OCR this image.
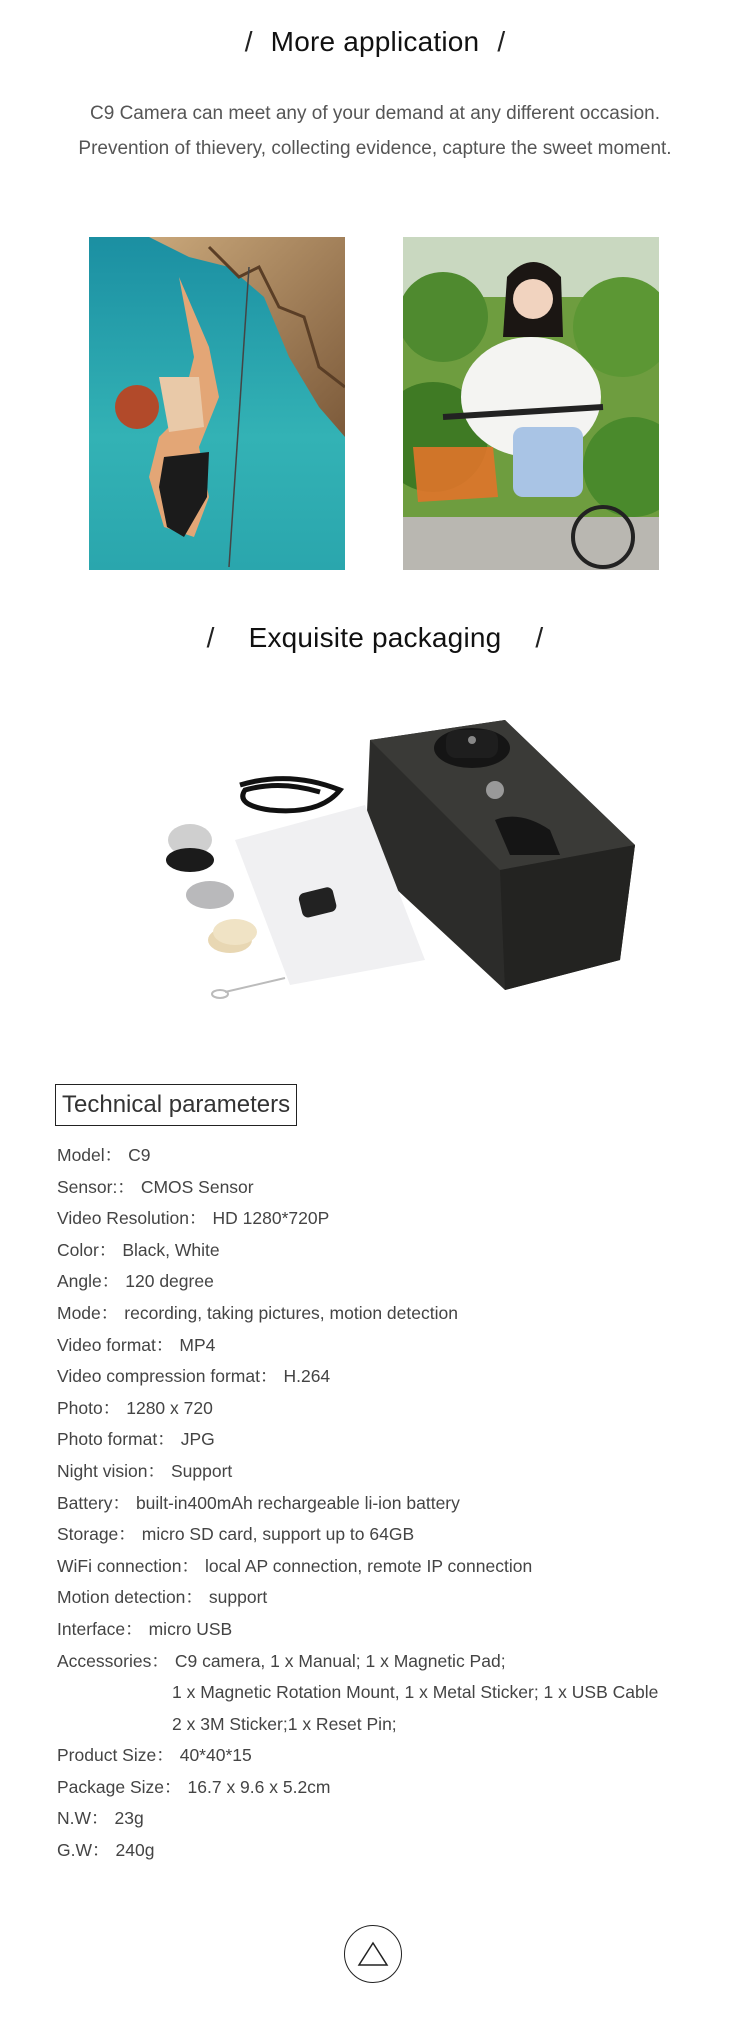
/ More application /
C9 Camera can meet any of your demand at any different occasion.
Prevention of thievery, collecting evidence, capture the sweet moment.
/ Exquisite packaging /
Technical parameters
Model： C9
Sensor:： CMOS Sensor
Video Resolution： HD 1280*720P
Color： Black, White
Angle： 120 degree
Mode： recording, taking pictures, motion detection
Video format： MP4
Video compression format： H.264
Photo： 1280 x 720
Photo format： JPG
Night vision： Support
Battery： built-in400mAh rechargeable li-ion battery
Storage： micro SD card, support up to 64GB
WiFi connection： local AP connection, remote IP connection
Motion detection： support
Interface： micro USB
Accessories： C9 camera, 1 x Manual; 1 x Magnetic Pad;
1 x Magnetic Rotation Mount, 1 x Metal Sticker; 1 x USB Cable
2 x 3M Sticker;1 x Reset Pin;
Product Size： 40*40*15
Package Size： 16.7 x 9.6 x 5.2cm
N.W： 23g
G.W： 240g
